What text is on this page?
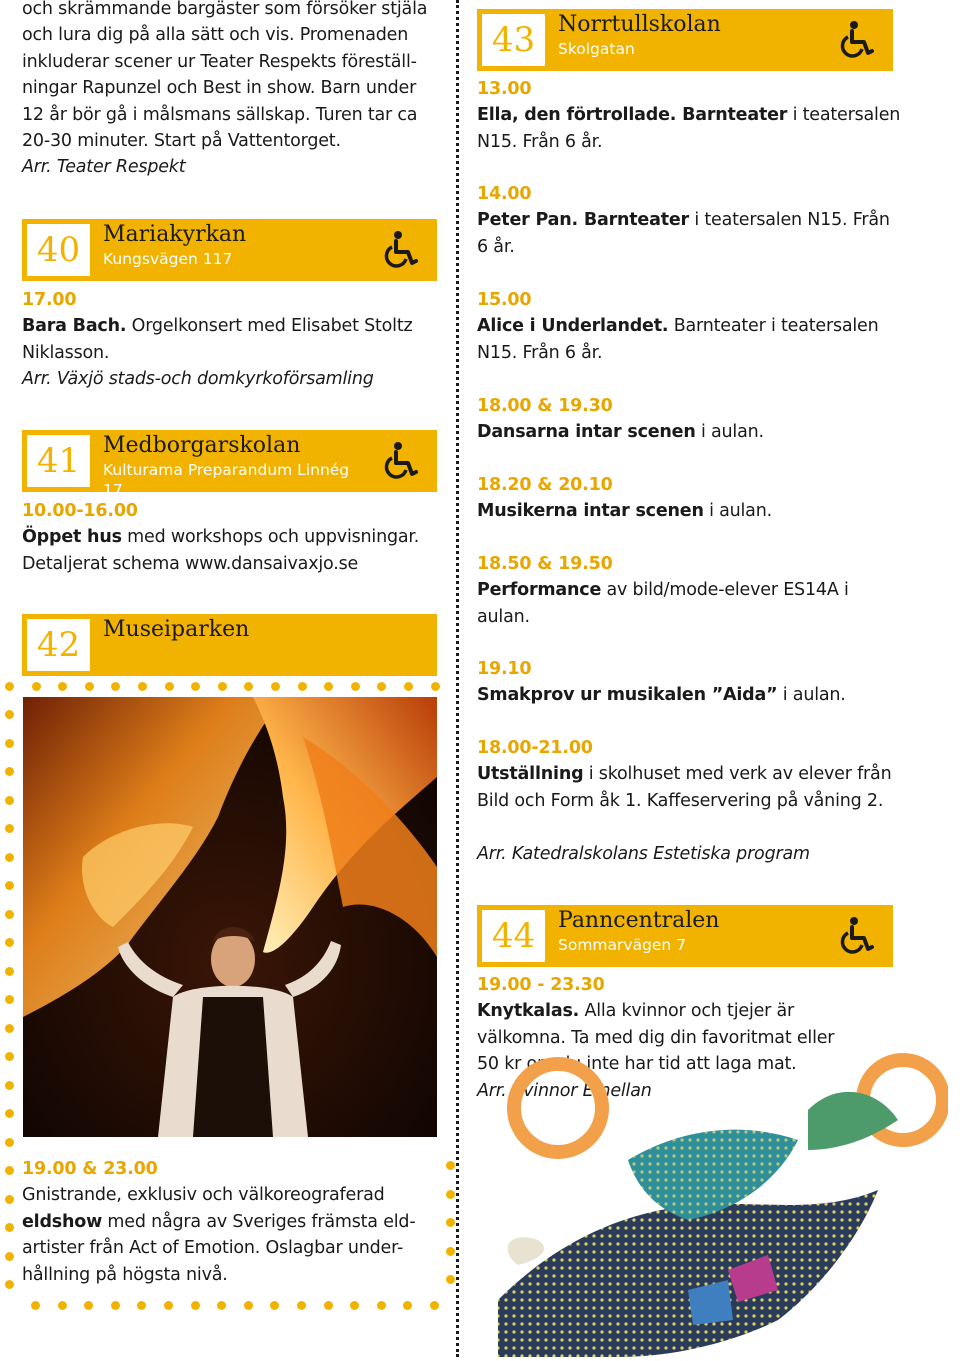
och skrämmande bargäster som försöker stjäla

och lura dig på alla sätt och vis. Promenaden

inkluderar scener ur Teater Respekts föreställ-

ningar Rapunzel och Best in show. Barn under

12 år bör gå i målsmans sällskap. Turen tar ca

20-30 minuter. Start på Vattentorget.

Arr. Teater Respekt

40	Mariakyrkan
Kungsvägen 117

17.00

Bara Bach. Orgelkonsert med Elisabet Stoltz

Niklasson.

Arr. Växjö stads-och domkyrkoförsamling

41	Medborgarskolan
Kulturama Preparandum Linnég 17

10.00-16.00

Öppet hus med workshops och uppvisningar.

Detaljerat schema www.dansaivaxjo.se

42	Museiparken

19.00 & 23.00

Gnistrande, exklusiv och välkoreograferad

eldshow med några av Sveriges främsta eld-

artister från Act of Emotion. Oslagbar under-

hållning på högsta nivå.

43	Norrtullskolan
Skolgatan

13.00

Ella, den förtrollade. Barnteater i teatersalen

N15. Från 6 år.

14.00

Peter Pan. Barnteater i teatersalen N15. Från

6 år.

15.00

Alice i Underlandet. Barnteater i teatersalen

N15. Från 6 år.

18.00 & 19.30

Dansarna intar scenen i aulan.

18.20 & 20.10

Musikerna intar scenen i aulan.

18.50 & 19.50

Performance av bild/mode-elever ES14A i

aulan.

19.10

Smakprov ur musikalen ”Aida” i aulan.

18.00-21.00

Utställning i skolhuset med verk av elever från

Bild och Form åk 1. Kaffeservering på våning 2.

Arr. Katedralskolans Estetiska program

44	Panncentralen
Sommarvägen 7

19.00 - 23.30

Knytkalas. Alla kvinnor och tjejer är

välkomna. Ta med dig din favoritmat eller

50 kr om du inte har tid att laga mat.

Arr. Kvinnor Emellan
